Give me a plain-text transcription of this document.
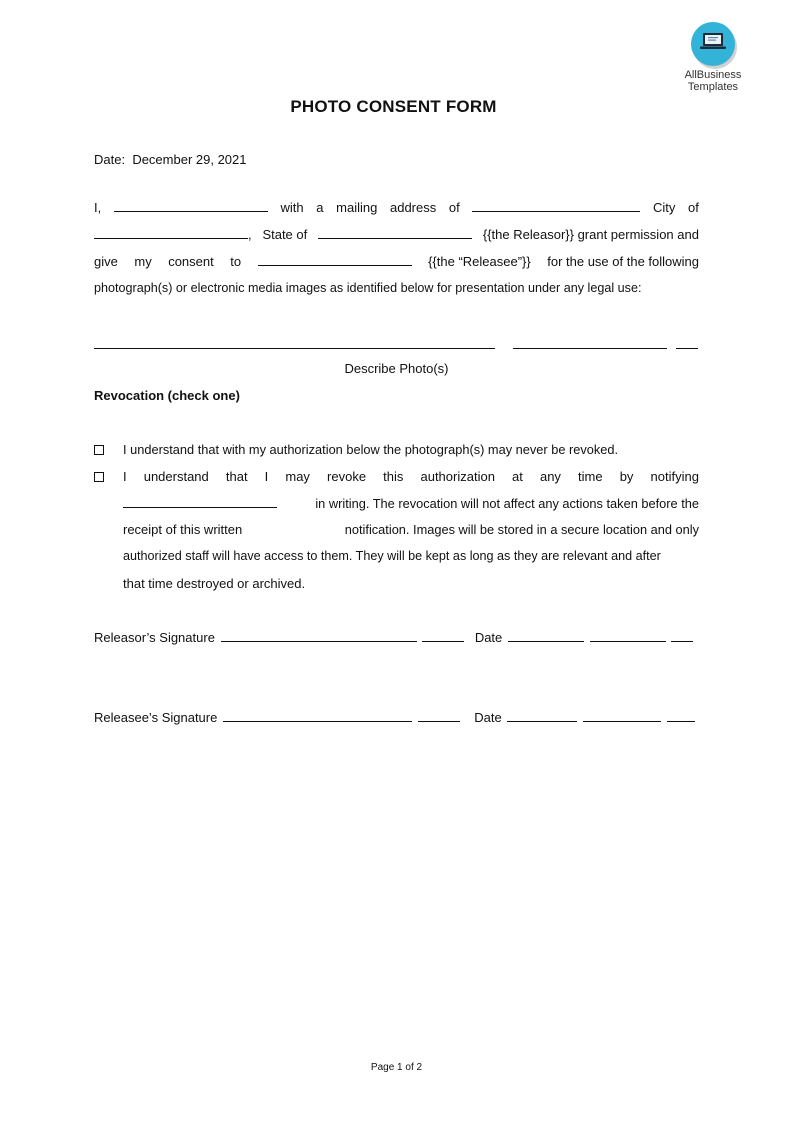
AllBusiness
Templates
PHOTO CONSENT FORM
Date: December 29, 2021
I,	with a mailing address of	City of
, State of	{{the Releasor}} grant permission and
give my consent to	{{the “Releasee”}} for the use of the following
photograph(s) or electronic media images as identified below for presentation under any legal use:

Describe Photo(s)
Revocation (check one)
I understand that with my authorization below the photograph(s) may never be revoked.
I understand that I may revoke this authorization at any time by notifying
in writing. The revocation will not affect any actions taken before the
receipt of this written	notification. Images will be stored in a secure location and only
authorized staff will have access to them. They will be kept as long as they are relevant and after
that time destroyed or archived.
Releasor’s Signature	Date
Releasee’s Signature	Date
Page 1 of 2
